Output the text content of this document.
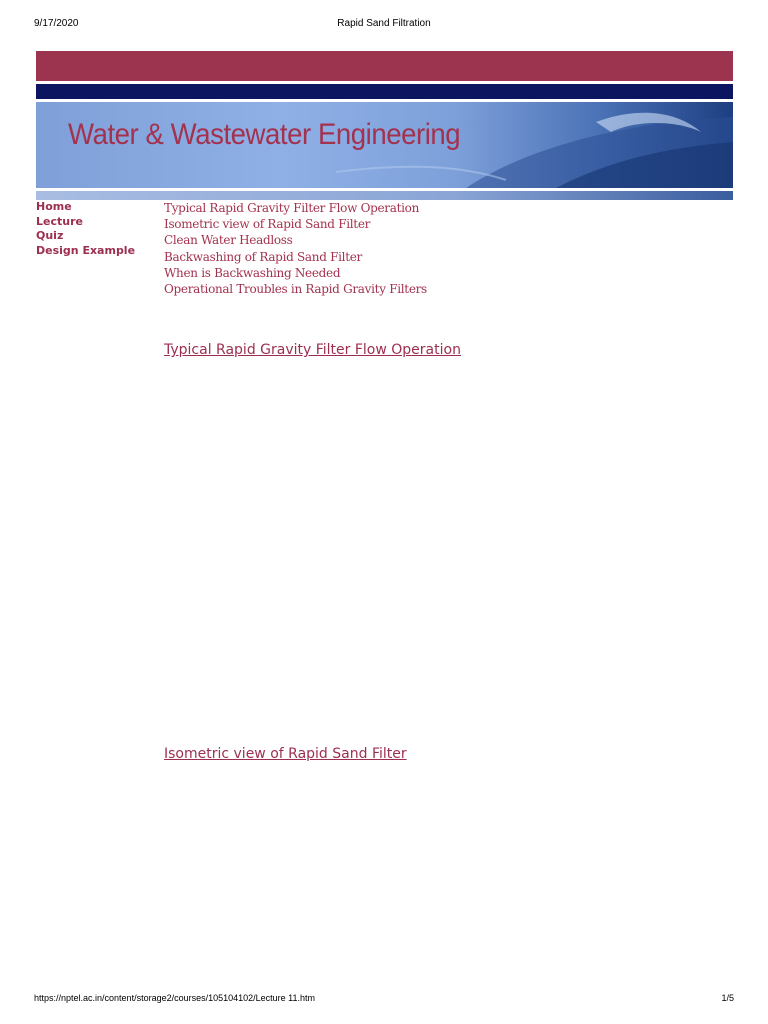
9/17/2020	Rapid Sand Filtration
Water & Wastewater Engineering
Home
Lecture
Quiz
Design Example
Typical Rapid Gravity Filter Flow Operation
Isometric view of Rapid Sand Filter
Clean Water Headloss
Backwashing of Rapid Sand Filter
When is Backwashing Needed
Operational Troubles in Rapid Gravity Filters
Typical Rapid Gravity Filter Flow Operation
Isometric view of Rapid Sand Filter
https://nptel.ac.in/content/storage2/courses/105104102/Lecture 11.htm	1/5
